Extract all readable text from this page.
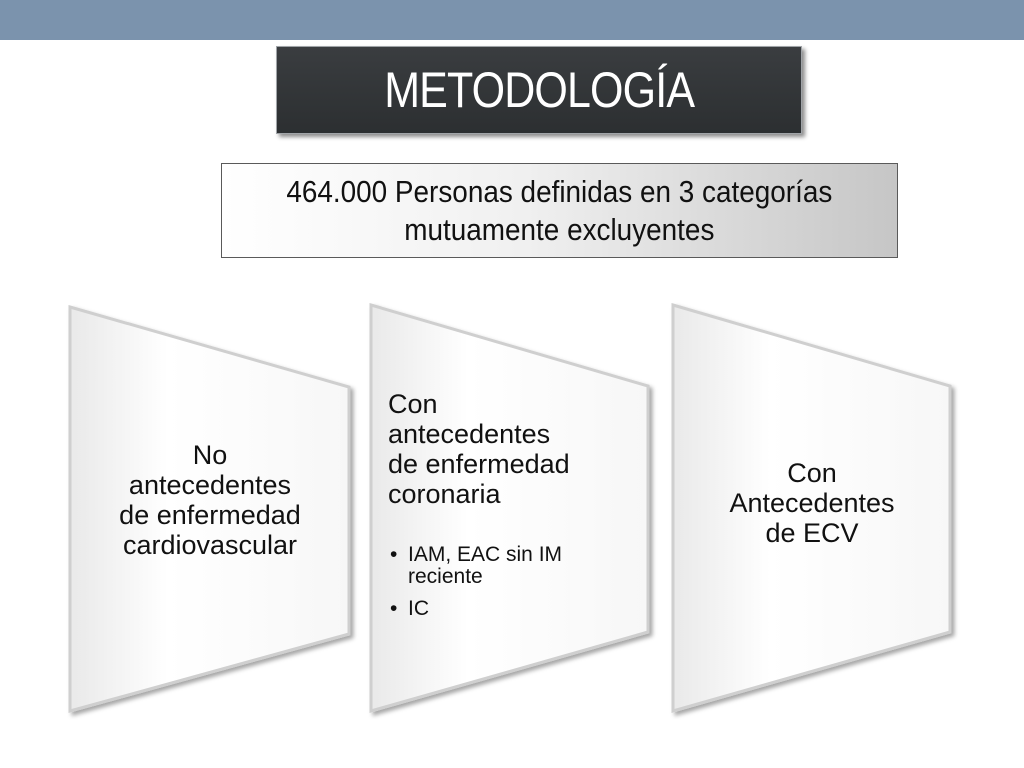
METODOLOGÍA
464.000 Personas definidas en 3 categorías
mutuamente excluyentes
No
antecedentes
de enfermedad
cardiovascular
Con
antecedentes
de enfermedad
coronaria
• IAM, EAC sin IM reciente
• IC
Con
Antecedentes
de ECV
